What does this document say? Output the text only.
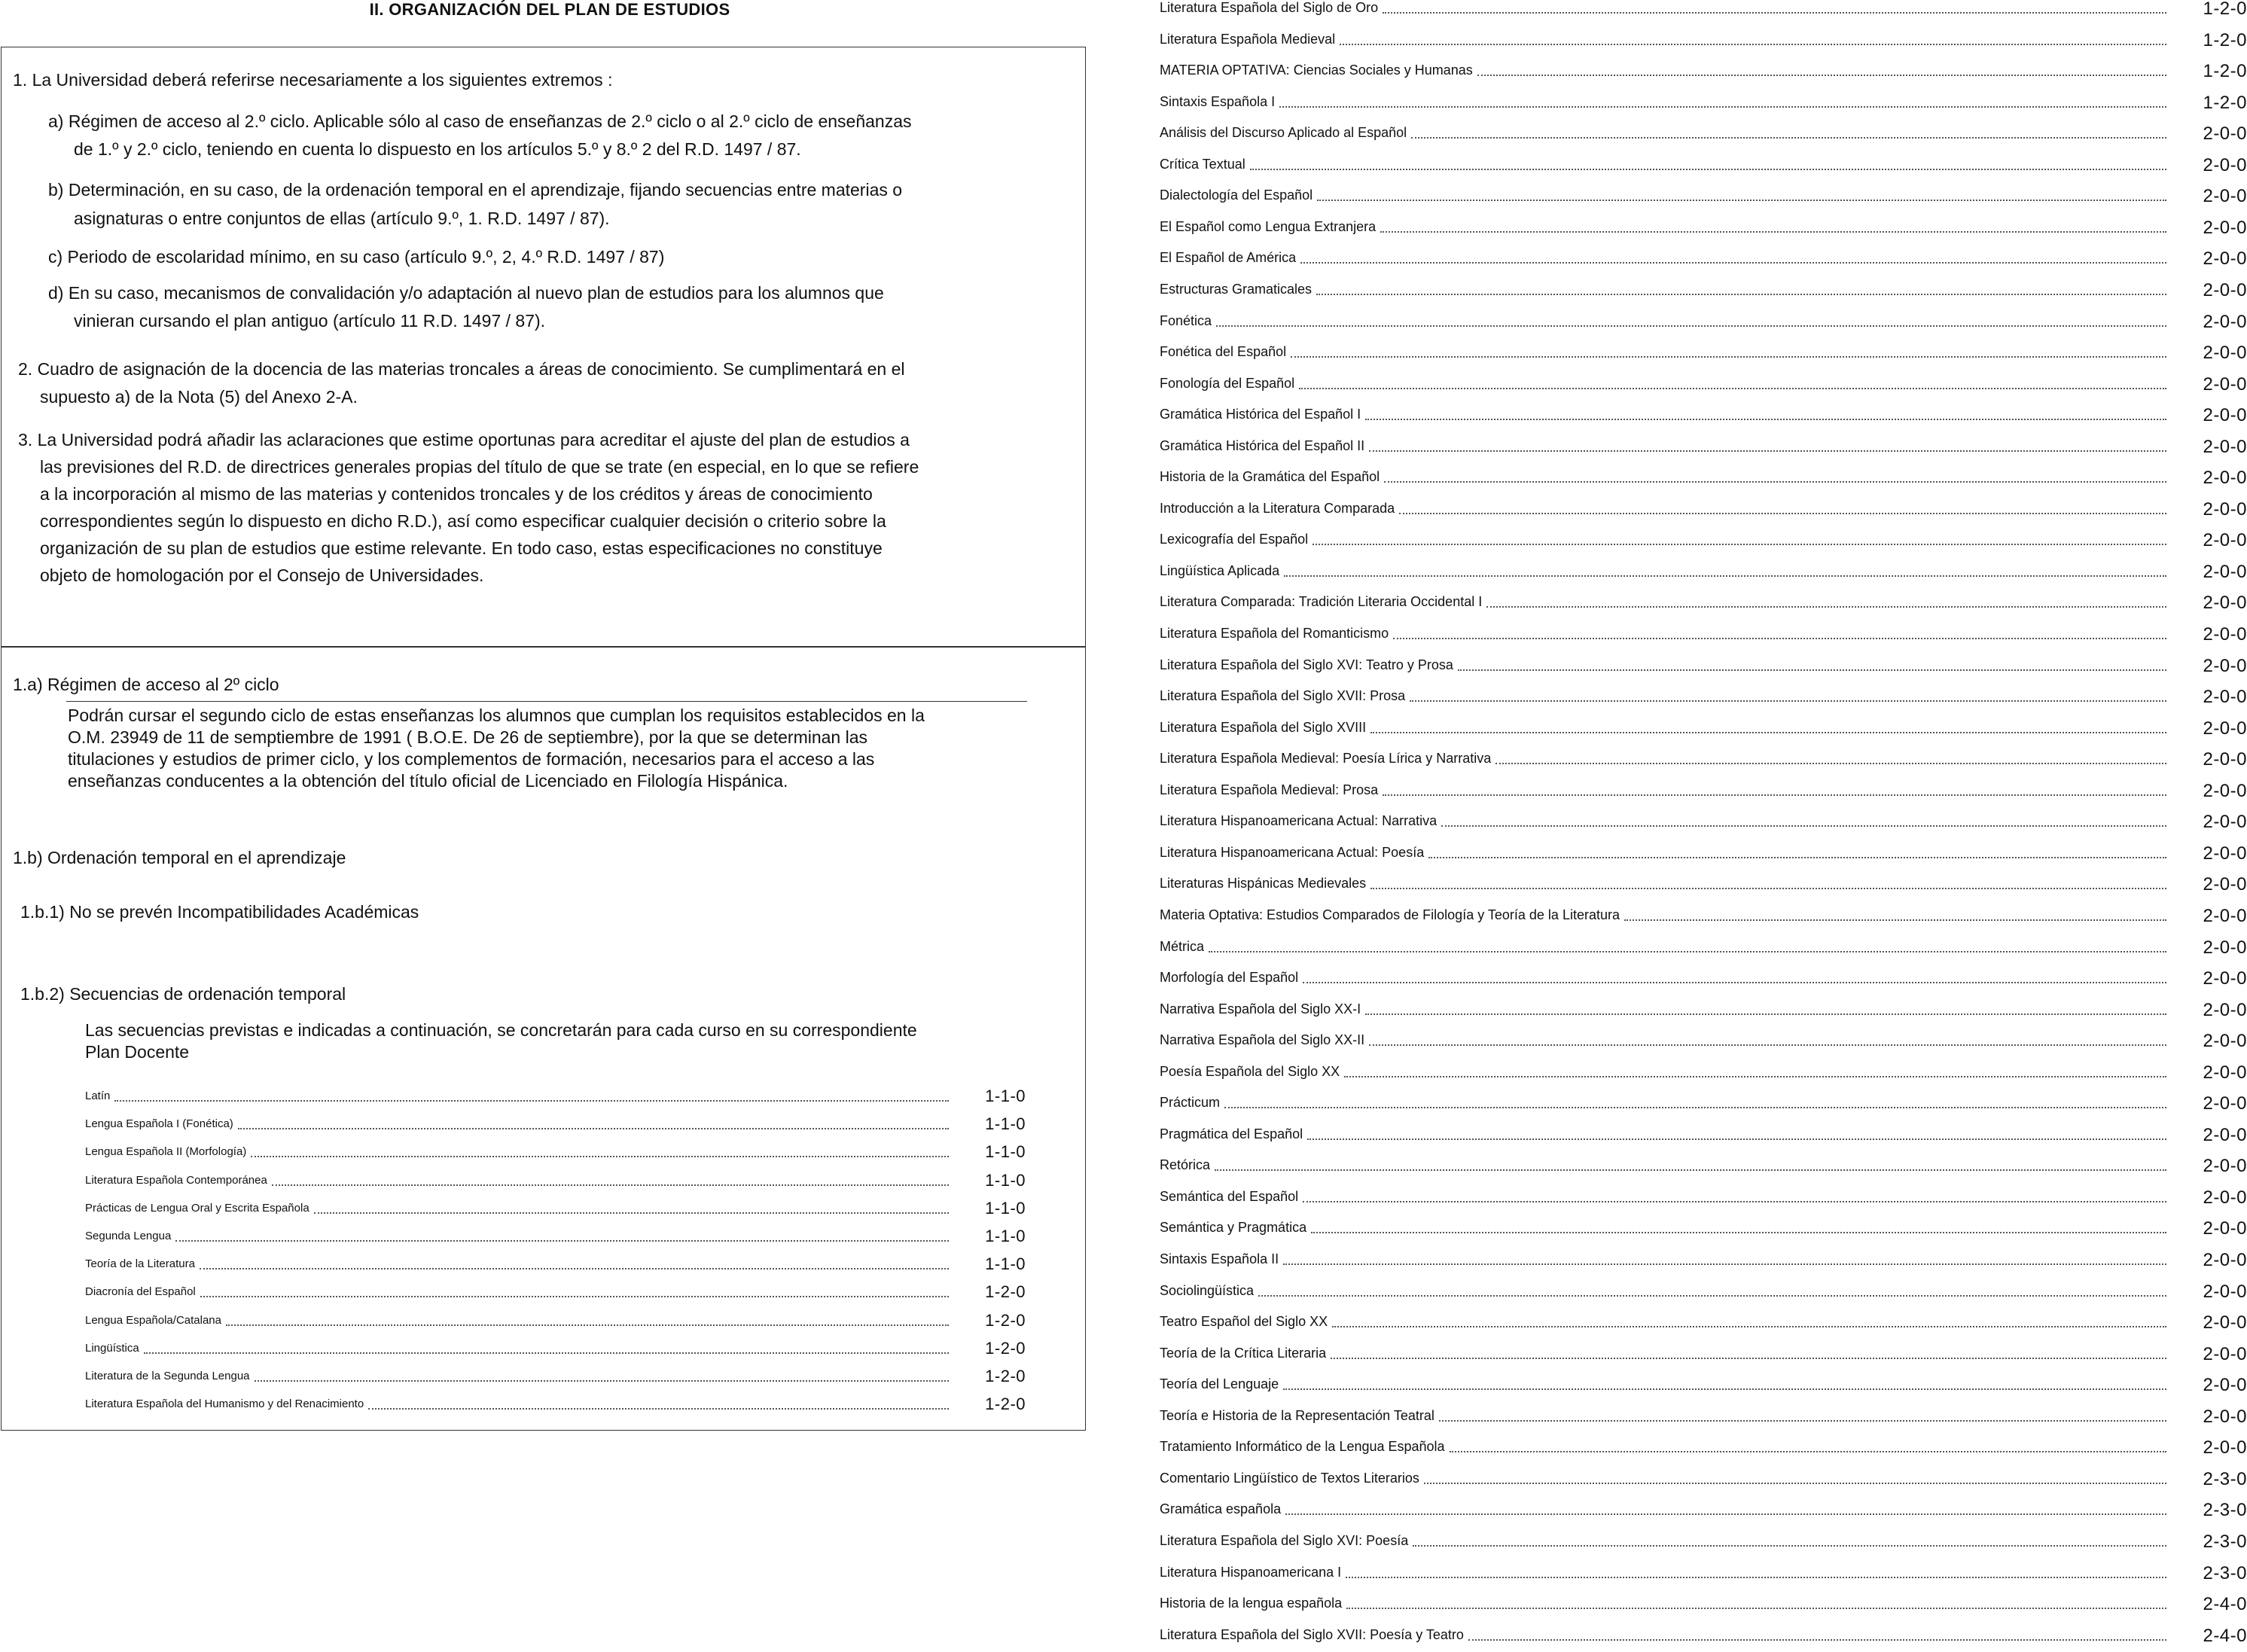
II. ORGANIZACIÓN DEL PLAN DE ESTUDIOS
1. La Universidad deberá referirse necesariamente a los siguientes extremos :
a) Régimen de acceso al 2.º ciclo. Aplicable sólo al caso de enseñanzas de 2.º ciclo o al 2.º ciclo de enseñanzas
de 1.º y 2.º ciclo, teniendo en cuenta lo dispuesto en los artículos 5.º y 8.º 2 del R.D. 1497 / 87.
b) Determinación, en su caso, de la ordenación temporal en el aprendizaje, fijando secuencias entre materias o
asignaturas o entre conjuntos de ellas (artículo 9.º, 1. R.D. 1497 / 87).
c) Periodo de escolaridad mínimo, en su caso (artículo 9.º, 2, 4.º R.D. 1497 / 87)
d) En su caso, mecanismos de convalidación y/o adaptación al nuevo plan de estudios para los alumnos que
vinieran cursando el plan antiguo (artículo 11 R.D. 1497 / 87).
2. Cuadro de asignación de la docencia de las materias troncales a áreas de conocimiento. Se cumplimentará en el
supuesto a) de la Nota (5) del Anexo 2-A.
3. La Universidad podrá añadir las aclaraciones que estime oportunas para acreditar el ajuste del plan de estudios a
las previsiones del R.D. de directrices generales propias del título de que se trate (en especial, en lo que se refiere
a la incorporación al mismo de las materias y contenidos troncales y de los créditos y áreas de conocimiento
correspondientes según lo dispuesto en dicho R.D.), así como especificar cualquier decisión o criterio sobre la
organización de su plan de estudios que estime relevante. En todo caso, estas especificaciones no constituye
objeto de homologación por el Consejo de Universidades.
1.a) Régimen de acceso al 2º ciclo
Podrán cursar el segundo ciclo de estas enseñanzas los alumnos que cumplan los requisitos establecidos en la
O.M. 23949 de 11 de semptiembre de 1991 ( B.O.E. De 26 de septiembre), por la que se determinan las
titulaciones y estudios de primer ciclo, y los complementos de formación, necesarios para el acceso a las
enseñanzas conducentes a la obtención del título oficial de Licenciado en Filología Hispánica.
1.b) Ordenación temporal en el aprendizaje
1.b.1) No se prevén Incompatibilidades Académicas
1.b.2) Secuencias de ordenación temporal
Las secuencias previstas e indicadas a continuación, se concretarán para cada curso en su correspondiente
Plan Docente
Latín	1-1-0
Lengua Española I (Fonética)	1-1-0
Lengua Española II (Morfología)	1-1-0
Literatura Española Contemporánea	1-1-0
Prácticas de Lengua Oral y Escrita Española	1-1-0
Segunda Lengua	1-1-0
Teoría de la Literatura	1-1-0
Diacronía del Español	1-2-0
Lengua Española/Catalana	1-2-0
Lingüística	1-2-0
Literatura de la Segunda Lengua	1-2-0
Literatura Española del Humanismo y del Renacimiento	1-2-0
Literatura Española del Siglo de Oro	1-2-0
Literatura Española Medieval	1-2-0
MATERIA OPTATIVA: Ciencias Sociales y Humanas	1-2-0
Sintaxis Española I	1-2-0
Análisis del Discurso Aplicado al Español	2-0-0
Crítica Textual	2-0-0
Dialectología del Español	2-0-0
El Español como Lengua Extranjera	2-0-0
El Español de América	2-0-0
Estructuras Gramaticales	2-0-0
Fonética	2-0-0
Fonética del Español	2-0-0
Fonología del Español	2-0-0
Gramática Histórica del Español I	2-0-0
Gramática Histórica del Español II	2-0-0
Historia de la Gramática del Español	2-0-0
Introducción a la Literatura Comparada	2-0-0
Lexicografía del Español	2-0-0
Lingüística Aplicada	2-0-0
Literatura Comparada: Tradición Literaria Occidental I	2-0-0
Literatura Española del Romanticismo	2-0-0
Literatura Española del Siglo XVI: Teatro y Prosa	2-0-0
Literatura Española del Siglo XVII: Prosa	2-0-0
Literatura Española del Siglo XVIII	2-0-0
Literatura Española Medieval: Poesía Lírica y Narrativa	2-0-0
Literatura Española Medieval: Prosa	2-0-0
Literatura Hispanoamericana Actual: Narrativa	2-0-0
Literatura Hispanoamericana Actual: Poesía	2-0-0
Literaturas Hispánicas Medievales	2-0-0
Materia Optativa: Estudios Comparados de Filología y Teoría de la Literatura	2-0-0
Métrica	2-0-0
Morfología del Español	2-0-0
Narrativa Española del Siglo XX-I	2-0-0
Narrativa Española del Siglo XX-II	2-0-0
Poesía Española del Siglo XX	2-0-0
Prácticum	2-0-0
Pragmática del Español	2-0-0
Retórica	2-0-0
Semántica del Español	2-0-0
Semántica y Pragmática	2-0-0
Sintaxis Española II	2-0-0
Sociolingüística	2-0-0
Teatro Español del Siglo XX	2-0-0
Teoría de la Crítica Literaria	2-0-0
Teoría del Lenguaje	2-0-0
Teoría e Historia de la Representación Teatral	2-0-0
Tratamiento Informático de la Lengua Española	2-0-0
Comentario Lingüístico de Textos Literarios	2-3-0
Gramática española	2-3-0
Literatura Española del Siglo XVI: Poesía	2-3-0
Literatura Hispanoamericana I	2-3-0
Historia de la lengua española	2-4-0
Literatura Española del Siglo XVII: Poesía y Teatro	2-4-0
